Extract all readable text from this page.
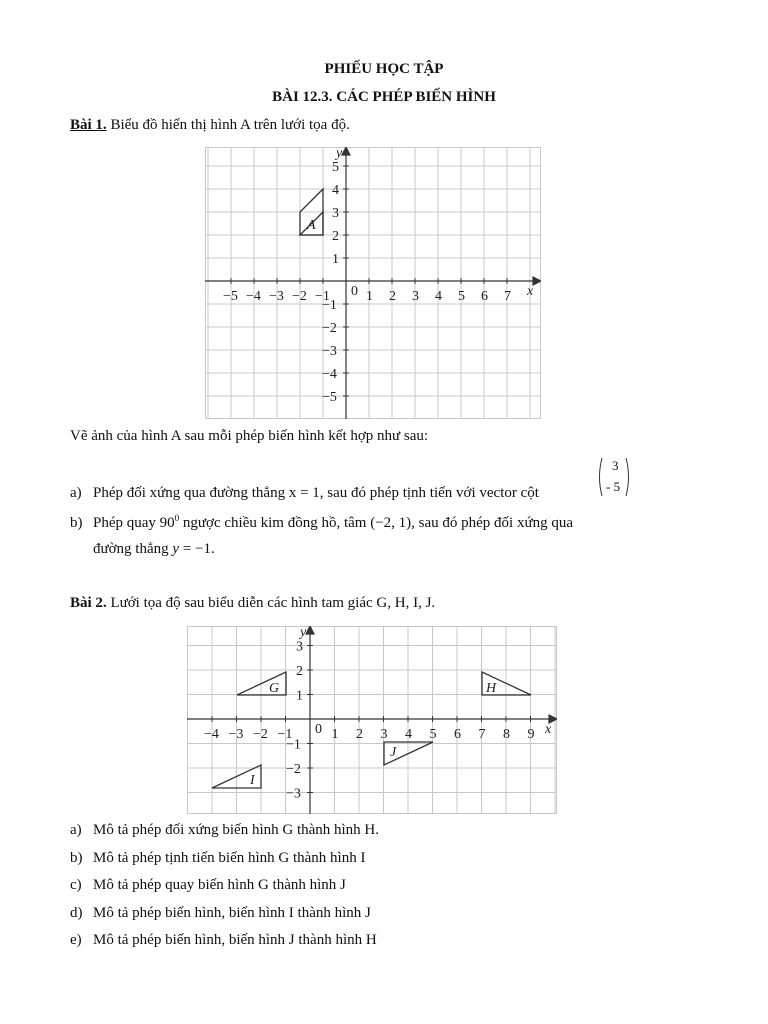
PHIẾU HỌC TẬP
BÀI 12.3. CÁC PHÉP BIẾN HÌNH
Bài 1. Biểu đồ hiển thị hình A trên lưới tọa độ.
−5 −4 −3 −2 −1	1 2 3 4 5 6 7
5
4
3
2
1
−1
−2
−3
−4
−5
0	x
y
A
Vẽ ảnh của hình A sau mỗi phép biến hình kết hợp như sau:
3
- 5
a) Phép đối xứng qua đường thẳng x = 1, sau đó phép tịnh tiến với vector cột
b) Phép quay $90^0$ ngược chiều kim đồng hồ, tâm (−2, 1), sau đó phép đối xứng qua
đường thẳng y = −1.
Bài 2. Lưới tọa độ sau biểu diễn các hình tam giác G, H, I, J.
−4 −3 −2 −1	1 2 3 4 5 6 7 8 9
3
2
1
−1
−2
−3
0	x
y
G	H
I
J
a) Mô tả phép đối xứng biến hình G thành hình H.
b) Mô tả phép tịnh tiến biến hình G thành hình I
c) Mô tả phép quay biến hình G thành hình J
d) Mô tả phép biến hình, biến hình I thành hình J
e) Mô tả phép biến hình, biến hình J thành hình H
